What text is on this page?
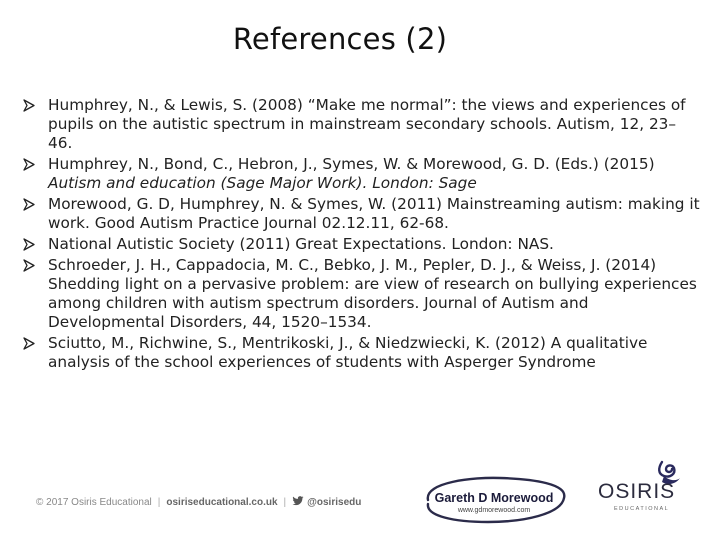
References (2)
Humphrey, N., & Lewis, S. (2008) “Make me normal”: the views and experiences of pupils on the autistic spectrum in mainstream secondary schools. Autism, 12, 23–46.
Humphrey, N., Bond, C., Hebron, J., Symes, W. & Morewood, G. D. (Eds.) (2015) Autism and education (Sage Major Work). London: Sage
Morewood, G. D, Humphrey, N. & Symes, W. (2011) Mainstreaming autism: making it work. Good Autism Practice Journal 02.12.11, 62-68.
National Autistic Society (2011) Great Expectations. London: NAS.
Schroeder, J. H., Cappadocia, M. C., Bebko, J. M., Pepler, D. J., & Weiss, J. (2014) Shedding light on a pervasive problem: are view of research on bullying experiences among children with autism spectrum disorders. Journal of Autism and Developmental Disorders, 44, 1520–1534.
Sciutto, M., Richwine, S., Mentrikoski, J., & Niedzwiecki, K. (2012) A qualitative analysis of the school experiences of students with Asperger Syndrome
© 2017 Osiris Educational | osiriseducational.co.uk | @osirisedu	Gareth D Morewood
www.gdmorewood.com
OSIRIS
EDUCATIONAL
